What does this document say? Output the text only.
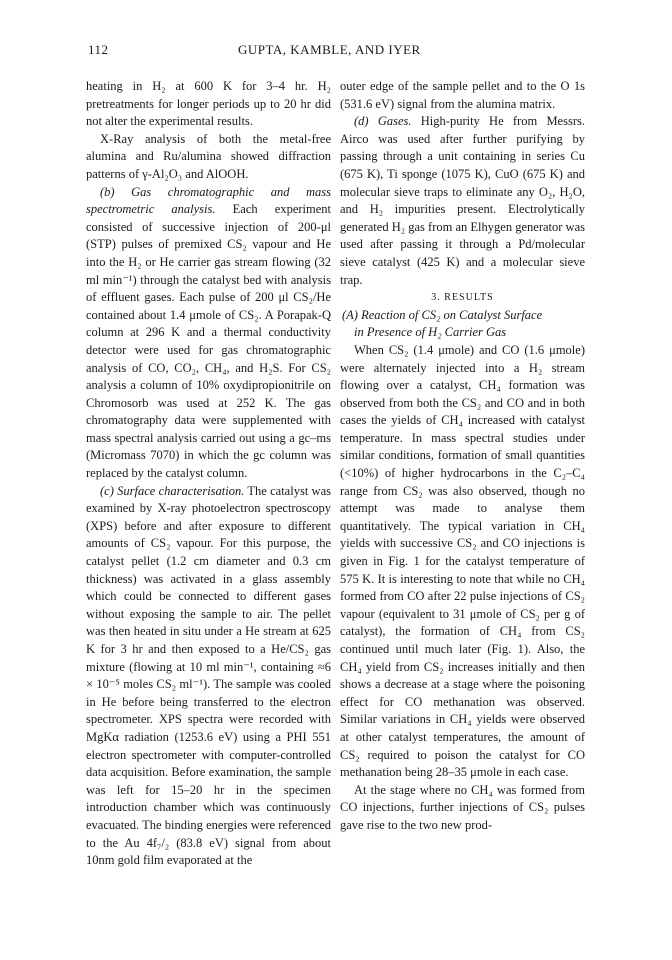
112	GUPTA, KAMBLE, AND IYER

heating in H₂ at 600 K for 3–4 hr. H₂ pretreatments for longer periods up to 20 hr did not alter the experimental results.

X-Ray analysis of both the metal-free alumina and Ru/alumina showed diffraction patterns of γ-Al₂O₃ and AlOOH.

(b) Gas chromatographic and mass spectrometric analysis. Each experiment consisted of successive injection of 200-μl (STP) pulses of premixed CS₂ vapour and He into the H₂ or He carrier gas stream flowing (32 ml min⁻¹) through the catalyst bed with analysis of effluent gases. Each pulse of 200 μl CS₂/He contained about 1.4 μmole of CS₂. A Porapak-Q column at 296 K and a thermal conductivity detector were used for gas chromatographic analysis of CO, CO₂, CH₄, and H₂S. For CS₂ analysis a column of 10% oxydipropionitrile on Chromosorb was used at 252 K. The gas chromatography data were supplemented with mass spectral analysis carried out using a gc–ms (Micromass 7070) in which the gc column was replaced by the catalyst column.

(c) Surface characterisation. The catalyst was examined by X-ray photoelectron spectroscopy (XPS) before and after exposure to different amounts of CS₂ vapour. For this purpose, the catalyst pellet (1.2 cm diameter and 0.3 cm thickness) was activated in a glass assembly which could be connected to different gases without exposing the sample to air. The pellet was then heated in situ under a He stream at 625 K for 3 hr and then exposed to a He/CS₂ gas mixture (flowing at 10 ml min⁻¹, containing ≈6 × 10⁻⁵ moles CS₂ ml⁻¹). The sample was cooled in He before being transferred to the electron spectrometer. XPS spectra were recorded with MgKα radiation (1253.6 eV) using a PHI 551 electron spectrometer with computer-controlled data acquisition. Before examination, the sample was left for 15–20 hr in the specimen introduction chamber which was continuously evacuated. The binding energies were referenced to the Au 4f₇/₂ (83.8 eV) signal from about 10nm gold film evaporated at the

outer edge of the sample pellet and to the O 1s (531.6 eV) signal from the alumina matrix.

(d) Gases. High-purity He from Messrs. Airco was used after further purifying by passing through a unit containing in series Cu (675 K), Ti sponge (1075 K), CuO (675 K) and molecular sieve traps to eliminate any O₂, H₂O, and H₂ impurities present. Electrolytically generated H₂ gas from an Elhygen generator was used after passing it through a Pd/molecular sieve catalyst (425 K) and a molecular sieve trap.

3. RESULTS

(A) Reaction of CS₂ on Catalyst Surface
in Presence of H₂ Carrier Gas

When CS₂ (1.4 μmole) and CO (1.6 μmole) were alternately injected into a H₂ stream flowing over a catalyst, CH₄ formation was observed from both the CS₂ and CO and in both cases the yields of CH₄ increased with catalyst temperature. In mass spectral studies under similar conditions, formation of small quantities (<10%) of higher hydrocarbons in the C₂–C₄ range from CS₂ was also observed, though no attempt was made to analyse them quantitatively. The typical variation in CH₄ yields with successive CS₂ and CO injections is given in Fig. 1 for the catalyst temperature of 575 K. It is interesting to note that while no CH₄ formed from CO after 22 pulse injections of CS₂ vapour (equivalent to 31 μmole of CS₂ per g of catalyst), the formation of CH₄ from CS₂ continued until much later (Fig. 1). Also, the CH₄ yield from CS₂ increases initially and then shows a decrease at a stage where the poisoning effect for CO methanation was observed. Similar variations in CH₄ yields were observed at other catalyst temperatures, the amount of CS₂ required to poison the catalyst for CO methanation being 28–35 μmole in each case.

At the stage where no CH₄ was formed from CO injections, further injections of CS₂ pulses gave rise to the two new prod-
